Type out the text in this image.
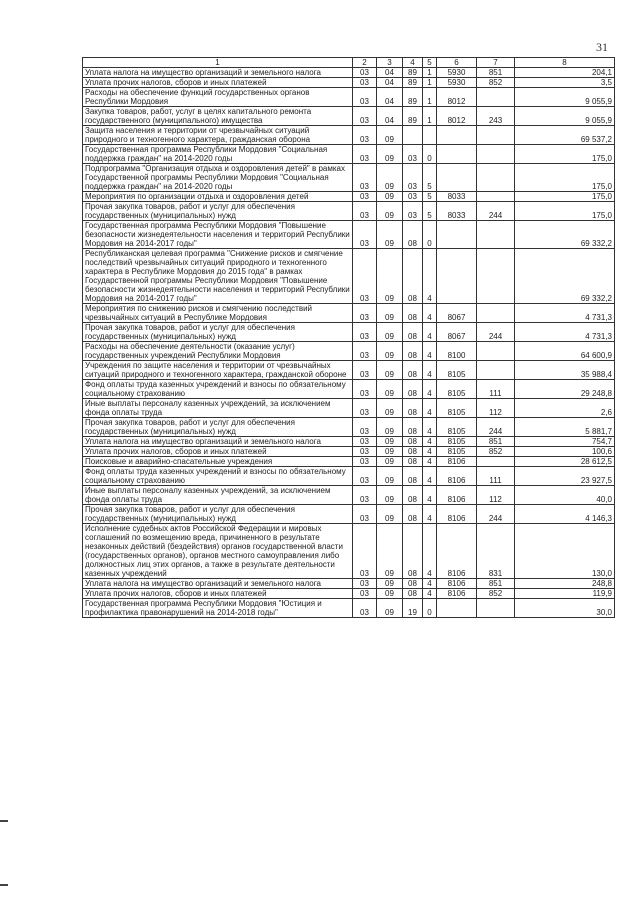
31
1	2	3	4	5	6	7	8
Уплата налога на имущество организаций и земельного налога	03	04	89	1	5930	851	204,1
Уплата прочих налогов, сборов и иных платежей	03	04	89	1	5930	852	3,5
Расходы на обеспечение функций государственных органов Республики Мордовия	03	04	89	1	8012		9 055,9
Закупка товаров, работ, услуг в целях капитального ремонта государственного (муниципального) имущества	03	04	89	1	8012	243	9 055,9
Защита населения и территории от чрезвычайных ситуаций природного и техногенного характера, гражданская оборона	03	09					69 537,2
Государственная программа Республики Мордовия "Социальная поддержка граждан" на 2014-2020 годы	03	09	03	0			175,0
Подпрограмма "Организация отдыха и оздоровления детей" в рамках Государственной программы Республики Мордовия "Социальная поддержка граждан" на 2014-2020 годы	03	09	03	5			175,0
Мероприятия по организации отдыха и оздоровления детей	03	09	03	5	8033		175,0
Прочая закупка товаров, работ и услуг для обеспечения государственных (муниципальных) нужд	03	09	03	5	8033	244	175,0
Государственная программа Республики Мордовия "Повышение безопасности жизнедеятельности населения и территорий Республики Мордовия на 2014-2017 годы"	03	09	08	0			69 332,2
Республиканская целевая программа "Снижение рисков и смягчение последствий чрезвычайных ситуаций природного и техногенного характера в Республике Мордовия до 2015 года" в рамках Государственной программы Республики Мордовия "Повышение безопасности жизнедеятельности населения и территорий Республики Мордовия на 2014-2017 годы"	03	09	08	4			69 332,2
Мероприятия по снижению рисков и смягчению последствий чрезвычайных ситуаций в Республике Мордовия	03	09	08	4	8067		4 731,3
Прочая закупка товаров, работ и услуг для обеспечения государственных (муниципальных) нужд	03	09	08	4	8067	244	4 731,3
Расходы на обеспечение деятельности (оказание услуг) государственных учреждений Республики Мордовия	03	09	08	4	8100		64 600,9
Учреждения по защите населения и территории от чрезвычайных ситуаций природного и техногенного характера, гражданской обороне	03	09	08	4	8105		35 988,4
Фонд оплаты труда казенных учреждений и взносы по обязательному социальному страхованию	03	09	08	4	8105	111	29 248,8
Иные выплаты персоналу казенных учреждений, за исключением фонда оплаты труда	03	09	08	4	8105	112	2,6
Прочая закупка товаров, работ и услуг для обеспечения государственных (муниципальных) нужд	03	09	08	4	8105	244	5 881,7
Уплата налога на имущество организаций и земельного налога	03	09	08	4	8105	851	754,7
Уплата прочих налогов, сборов и иных платежей	03	09	08	4	8105	852	100,6
Поисковые и аварийно-спасательные учреждения	03	09	08	4	8106		28 612,5
Фонд оплаты труда казенных учреждений и взносы по обязательному социальному страхованию	03	09	08	4	8106	111	23 927,5
Иные выплаты персоналу казенных учреждений, за исключением фонда оплаты труда	03	09	08	4	8106	112	40,0
Прочая закупка товаров, работ и услуг для обеспечения государственных (муниципальных) нужд	03	09	08	4	8106	244	4 146,3
Исполнение судебных актов Российской Федерации и мировых соглашений по возмещению вреда, причиненного в результате незаконных действий (бездействия) органов государственной власти (государственных органов), органов местного самоуправления либо должностных лиц этих органов, а также в результате деятельности казенных учреждений	03	09	08	4	8106	831	130,0
Уплата налога на имущество организаций и земельного налога	03	09	08	4	8106	851	248,8
Уплата прочих налогов, сборов и иных платежей	03	09	08	4	8106	852	119,9
Государственная программа Республики Мордовия "Юстиция и профилактика правонарушений на 2014-2018 годы"	03	09	19	0			30,0
